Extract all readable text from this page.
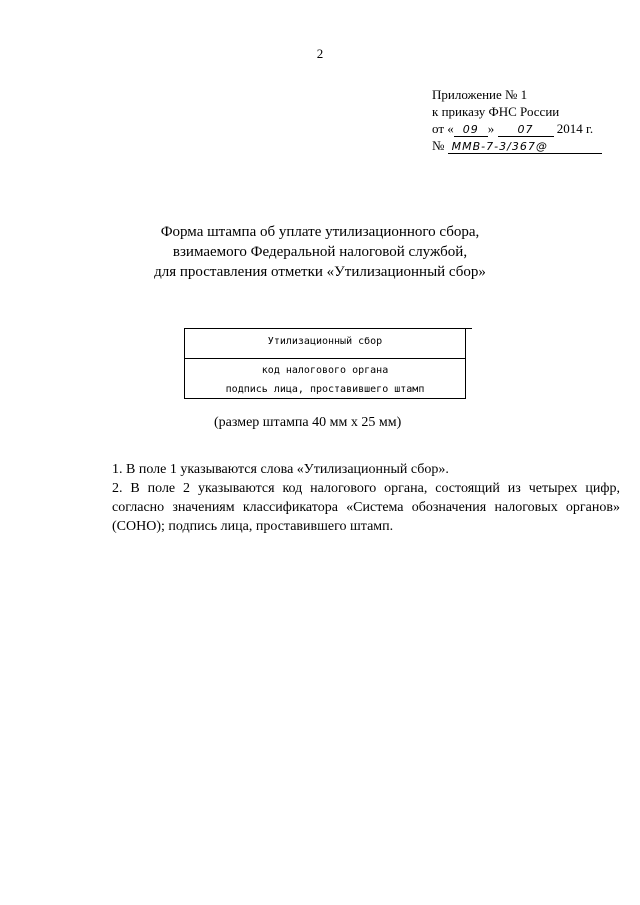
2
Приложение № 1
к приказу ФНС России
от « 09 » 07 2014 г.
№ ММВ-7-3/367@
Форма штампа об уплате утилизационного сбора,
взимаемого Федеральной налоговой службой,
для проставления отметки «Утилизационный сбор»
Утилизационный сбор
код налогового органа
подпись лица, проставившего штамп
(размер штампа 40 мм х 25 мм)

1. В поле 1 указываются слова «Утилизационный сбор».

2. В поле 2 указываются код налогового органа, состоящий из четырех цифр, согласно значениям классификатора «Система обозначения налоговых органов» (СОНО); подпись лица, проставившего штамп.
